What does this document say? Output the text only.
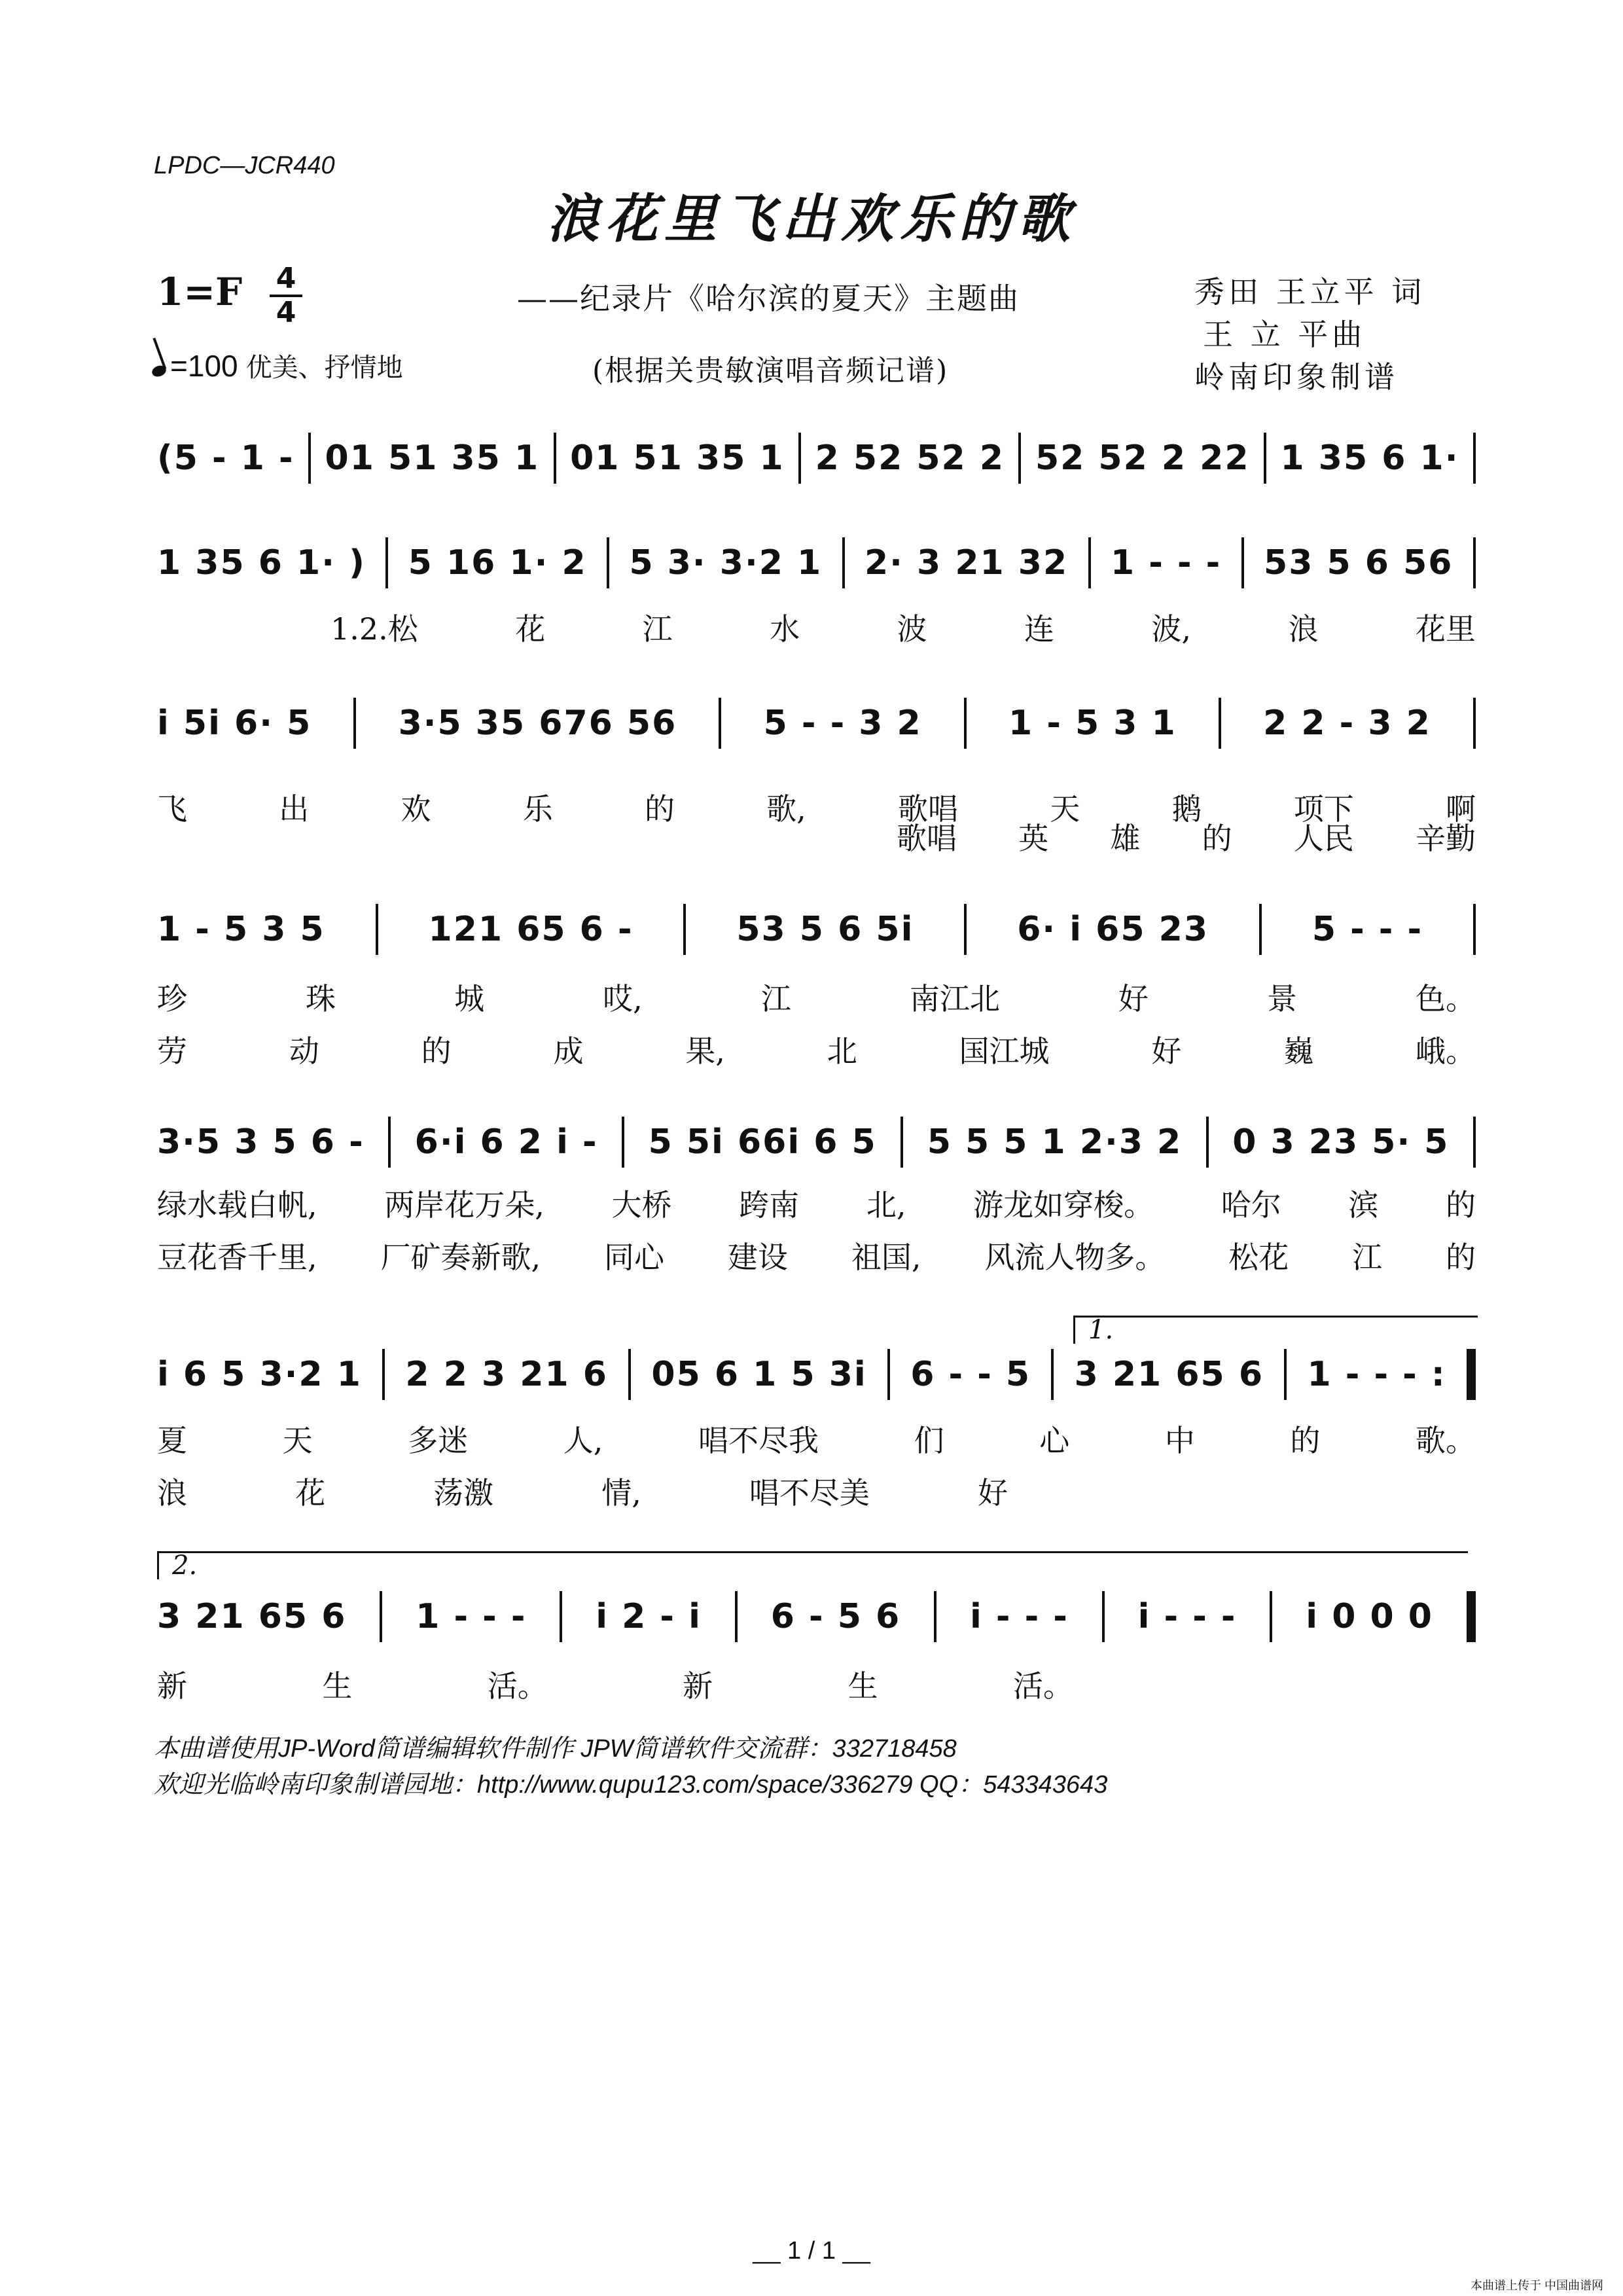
LPDC—JCR440
浪花里飞出欢乐的歌
1=F 4
4	——纪录片《哈尔滨的夏天》主题曲	秀田 王立平 词
王 立 平曲
岭南印象制谱
=100 优美、抒情地	(根据关贵敏演唱音频记谱)
(5 - 1 - 01 51 35 1 01 51 35 1 2 52 52 2 52 52 2 22 1 35 6 1·
1 35 6 1· ) 5 16 1· 2 5 3· 3·2 1 2· 3 21 32 1 - - - 53 5 6 56
1.2.松	花	江	水	波	连	波,	浪	花里
i 5i 6· 5	3·5 35 676 56	5 - - 3 2	1 - 5 3 1	2 2 - 3 2
飞	出	欢	乐	的	歌,	歌唱	天	鹅	项下	啊
歌唱 英 雄 的 人民 辛勤
1 - 5 3 5	121 65 6 -	53 5 6 5i	6· i 65 23	5 - - -
珍	珠	城	哎,	江	南江北	好	景	色。
劳	动	的	成	果,	北	国江城	好	巍	峨。
3·5 3 5 6 - 6·i 6 2 i - 5 5i 66i 6 5 5 5 5 1 2·3 2 0 3 23 5· 5
绿水载白帆, 两岸花万朵, 大桥 跨南 北, 游龙如穿梭。 哈尔 滨 的
豆花香千里, 厂矿奏新歌, 同心 建设 祖国, 风流人物多。 松花 江 的
1.
i 6 5 3·2 1 2 2 3 21 6 05 6 1 5 3i 6 - - 5 3 21 65 6 1 - - - :
夏	天	多迷	人,	唱不尽我	们	心	中	的	歌。
浪	花	荡激	情,	唱不尽美	好
2.
3 21 65 6 1 - - - i 2 - i 6 - 5 6 i - - - i - - - i 0 0 0
新	生	活。	新	生	活。
本曲谱使用JP-Word简谱编辑软件制作 JPW简谱软件交流群：332718458
欢迎光临岭南印象制谱园地：http://www.qupu123.com/space/336279 QQ：543343643
__ 1 / 1 __
本曲谱上传于 中国曲谱网
